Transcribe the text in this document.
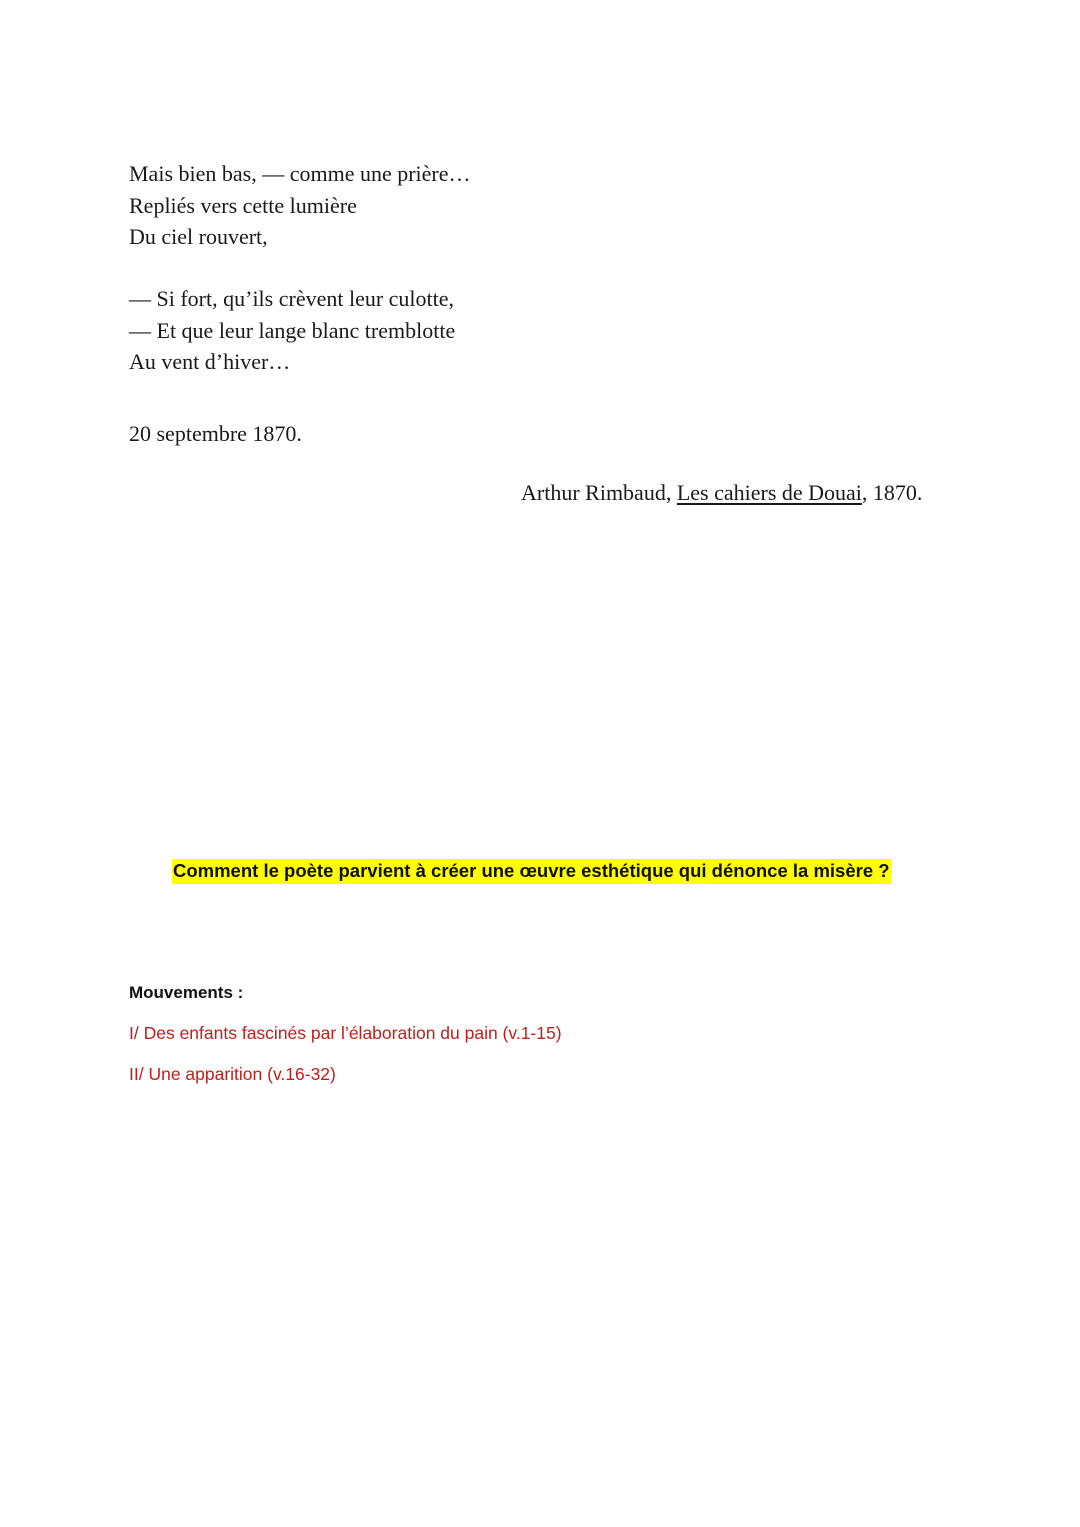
Mais bien bas, — comme une prière…
Repliés vers cette lumière
Du ciel rouvert,
— Si fort, qu’ils crèvent leur culotte,
— Et que leur lange blanc tremblotte
Au vent d’hiver…
20 septembre 1870.
Arthur Rimbaud, Les cahiers de Douai, 1870.
Comment le poète parvient à créer une œuvre esthétique qui dénonce la misère ?
Mouvements :
I/ Des enfants fascinés par l’élaboration du pain (v.1-15)
II/ Une apparition (v.16-32)
